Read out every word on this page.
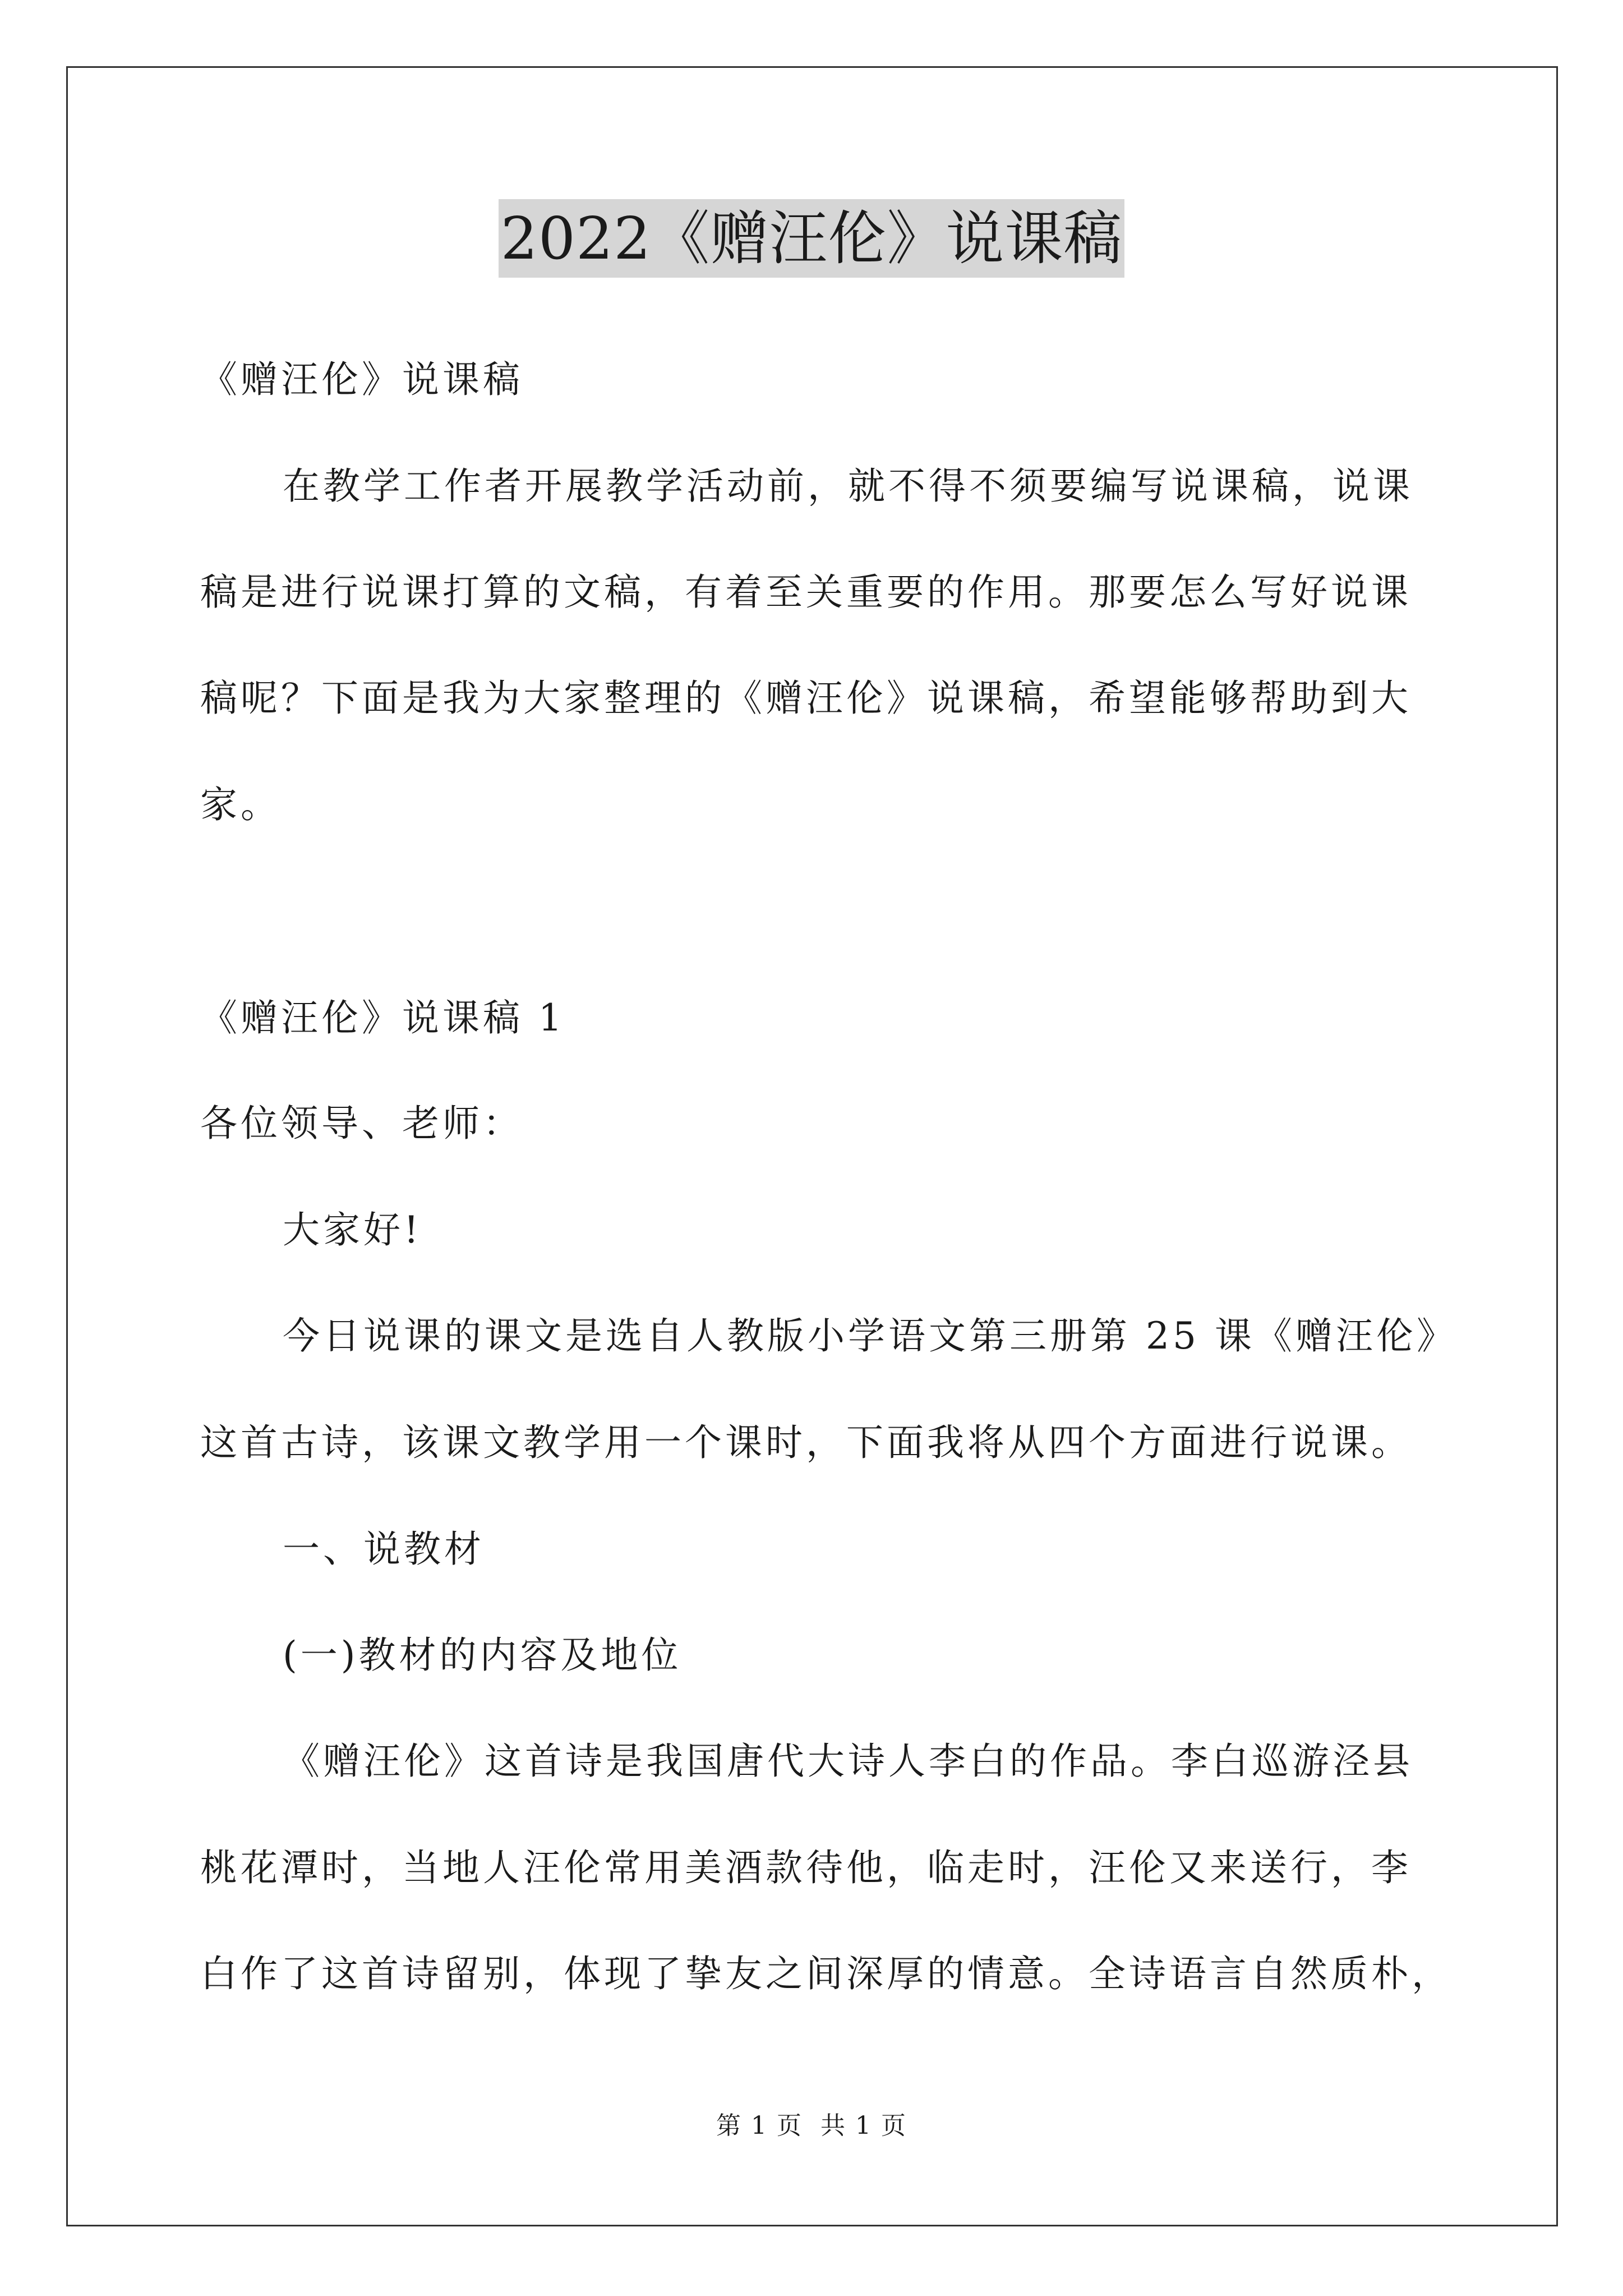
2022《赠汪伦》说课稿
《赠汪伦》说课稿
在教学工作者开展教学活动前，就不得不须要编写说课稿，说课
稿是进行说课打算的文稿，有着至关重要的作用。那要怎么写好说课
稿呢？下面是我为大家整理的《赠汪伦》说课稿，希望能够帮助到大
家。
《赠汪伦》说课稿 1
各位领导、老师：
大家好!
今日说课的课文是选自人教版小学语文第三册第 25 课《赠汪伦》
这首古诗，该课文教学用一个课时，下面我将从四个方面进行说课。
一、说教材
(一)教材的内容及地位
《赠汪伦》这首诗是我国唐代大诗人李白的作品。李白巡游泾县
桃花潭时，当地人汪伦常用美酒款待他，临走时，汪伦又来送行，李
白作了这首诗留别，体现了挚友之间深厚的情意。全诗语言自然质朴，
第 1 页 共 1 页
